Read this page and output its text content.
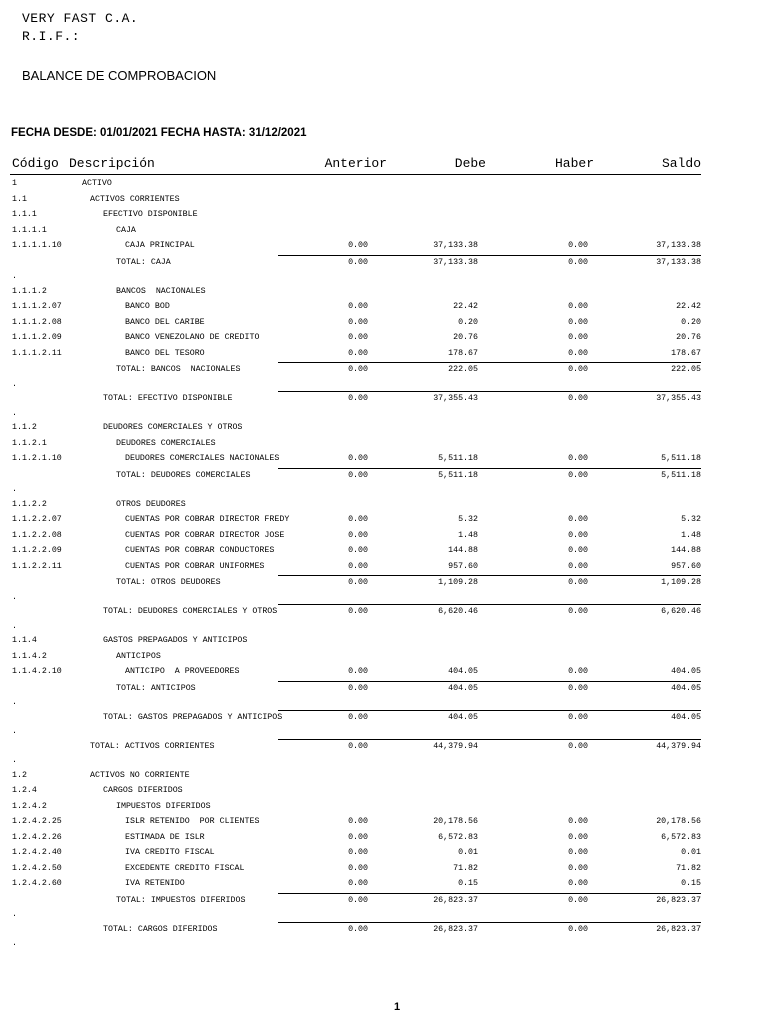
VERY FAST C.A.
R.I.F.:
BALANCE DE COMPROBACION
FECHA DESDE: 01/01/2021 FECHA HASTA: 31/12/2021
Código Descripción	Anterior	Debe	Haber	Saldo
1	ACTIVO
1.1	ACTIVOS CORRIENTES
1.1.1	EFECTIVO DISPONIBLE
1.1.1.1	CAJA
1.1.1.1.10	CAJA PRINCIPAL	0.00	37,133.38	0.00	37,133.38
TOTAL: CAJA	0.00	37,133.38	0.00	37,133.38
.
1.1.1.2	BANCOS  NACIONALES
1.1.1.2.07	BANCO BOD	0.00	22.42	0.00	22.42
1.1.1.2.08	BANCO DEL CARIBE	0.00	0.20	0.00	0.20
1.1.1.2.09	BANCO VENEZOLANO DE CREDITO	0.00	20.76	0.00	20.76
1.1.1.2.11	BANCO DEL TESORO	0.00	178.67	0.00	178.67
TOTAL: BANCOS  NACIONALES	0.00	222.05	0.00	222.05
.
TOTAL: EFECTIVO DISPONIBLE	0.00	37,355.43	0.00	37,355.43
.
1.1.2	DEUDORES COMERCIALES Y OTROS
1.1.2.1	DEUDORES COMERCIALES
1.1.2.1.10	DEUDORES COMERCIALES NACIONALES	0.00	5,511.18	0.00	5,511.18
TOTAL: DEUDORES COMERCIALES	0.00	5,511.18	0.00	5,511.18
.
1.1.2.2	OTROS DEUDORES
1.1.2.2.07	CUENTAS POR COBRAR DIRECTOR FREDY	0.00	5.32	0.00	5.32
1.1.2.2.08	CUENTAS POR COBRAR DIRECTOR JOSE	0.00	1.48	0.00	1.48
1.1.2.2.09	CUENTAS POR COBRAR CONDUCTORES	0.00	144.88	0.00	144.88
1.1.2.2.11	CUENTAS POR COBRAR UNIFORMES	0.00	957.60	0.00	957.60
TOTAL: OTROS DEUDORES	0.00	1,109.28	0.00	1,109.28
.
TOTAL: DEUDORES COMERCIALES Y OTROS	0.00	6,620.46	0.00	6,620.46
.
1.1.4	GASTOS PREPAGADOS Y ANTICIPOS
1.1.4.2	ANTICIPOS
1.1.4.2.10	ANTICIPO  A PROVEEDORES	0.00	404.05	0.00	404.05
TOTAL: ANTICIPOS	0.00	404.05	0.00	404.05
.
TOTAL: GASTOS PREPAGADOS Y ANTICIPOS	0.00	404.05	0.00	404.05
.
TOTAL: ACTIVOS CORRIENTES	0.00	44,379.94	0.00	44,379.94
.
1.2	ACTIVOS NO CORRIENTE
1.2.4	CARGOS DIFERIDOS
1.2.4.2	IMPUESTOS DIFERIDOS
1.2.4.2.25	ISLR RETENIDO  POR CLIENTES	0.00	20,178.56	0.00	20,178.56
1.2.4.2.26	ESTIMADA DE ISLR	0.00	6,572.83	0.00	6,572.83
1.2.4.2.40	IVA CREDITO FISCAL	0.00	0.01	0.00	0.01
1.2.4.2.50	EXCEDENTE CREDITO FISCAL	0.00	71.82	0.00	71.82
1.2.4.2.60	IVA RETENIDO	0.00	0.15	0.00	0.15
TOTAL: IMPUESTOS DIFERIDOS	0.00	26,823.37	0.00	26,823.37
.
TOTAL: CARGOS DIFERIDOS	0.00	26,823.37	0.00	26,823.37
.
1
